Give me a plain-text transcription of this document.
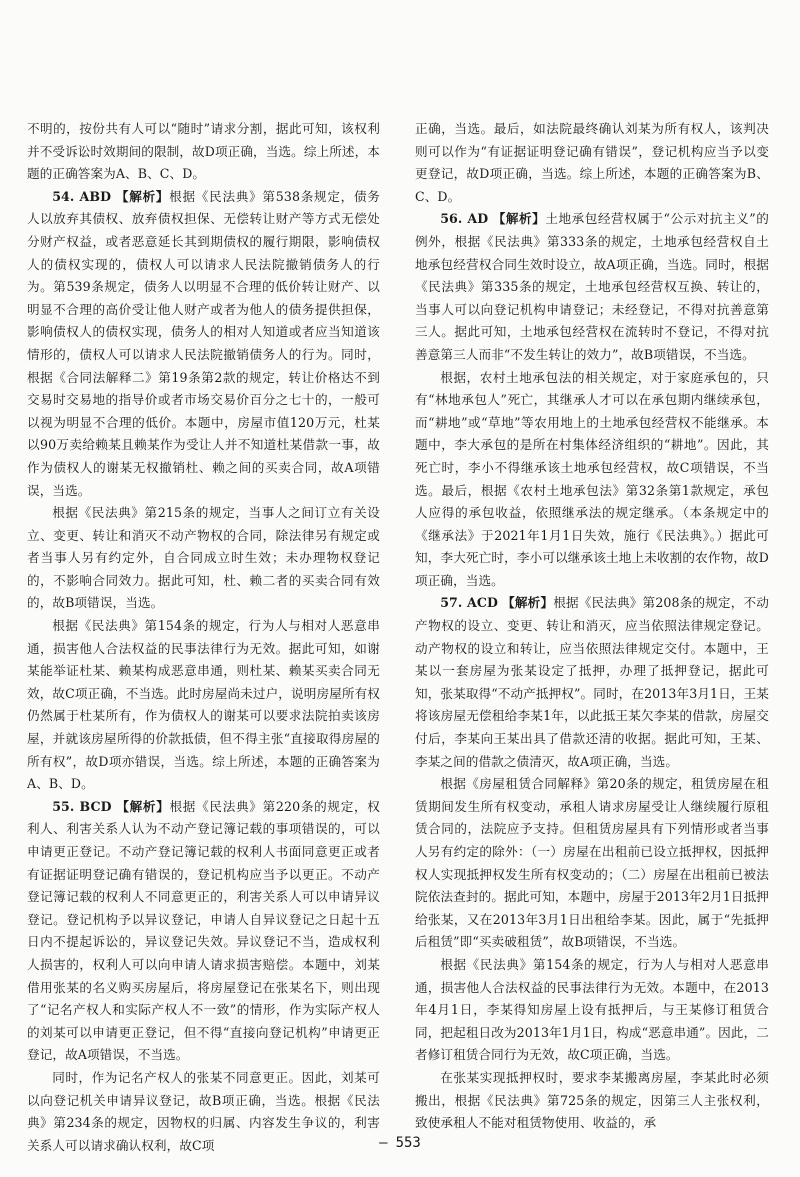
不明的，按份共有人可以“随时”请求分割，据此可知，该权利并不受诉讼时效期间的限制，故D项正确，当选。综上所述，本题的正确答案为A、B、C、D。

54. ABD 【解析】根据《民法典》第538条规定，债务人以放弃其债权、放弃债权担保、无偿转让财产等方式无偿处分财产权益，或者恶意延长其到期债权的履行期限，影响债权人的债权实现的，债权人可以请求人民法院撤销债务人的行为。第539条规定，债务人以明显不合理的低价转让财产、以明显不合理的高价受让他人财产或者为他人的债务提供担保，影响债权人的债权实现，债务人的相对人知道或者应当知道该情形的，债权人可以请求人民法院撤销债务人的行为。同时，根据《合同法解释二》第19条第2款的规定，转让价格达不到交易时交易地的指导价或者市场交易价百分之七十的，一般可以视为明显不合理的低价。本题中，房屋市值120万元，杜某以90万卖给赖某且赖某作为受让人并不知道杜某借款一事，故作为债权人的谢某无权撤销杜、赖之间的买卖合同，故A项错误，当选。

根据《民法典》第215条的规定，当事人之间订立有关设立、变更、转让和消灭不动产物权的合同，除法律另有规定或者当事人另有约定外，自合同成立时生效；未办理物权登记的，不影响合同效力。据此可知，杜、赖二者的买卖合同有效的，故B项错误，当选。

根据《民法典》第154条的规定，行为人与相对人恶意串通，损害他人合法权益的民事法律行为无效。据此可知，如谢某能举证杜某、赖某构成恶意串通，则杜某、赖某买卖合同无效，故C项正确，不当选。此时房屋尚未过户，说明房屋所有权仍然属于杜某所有，作为债权人的谢某可以要求法院拍卖该房屋，并就该房屋所得的价款抵债，但不得主张“直接取得房屋的所有权”，故D项亦错误，当选。综上所述，本题的正确答案为A、B、D。

55. BCD 【解析】根据《民法典》第220条的规定，权利人、利害关系人认为不动产登记簿记载的事项错误的，可以申请更正登记。不动产登记簿记载的权利人书面同意更正或者有证据证明登记确有错误的，登记机构应当予以更正。不动产登记簿记载的权利人不同意更正的，利害关系人可以申请异议登记。登记机构予以异议登记，申请人自异议登记之日起十五日内不提起诉讼的，异议登记失效。异议登记不当，造成权利人损害的，权利人可以向申请人请求损害赔偿。本题中，刘某借用张某的名义购买房屋后，将房屋登记在张某名下，则出现了“记名产权人和实际产权人不一致”的情形，作为实际产权人的刘某可以申请更正登记，但不得“直接向登记机构”申请更正登记，故A项错误，不当选。

同时，作为记名产权人的张某不同意更正。因此，刘某可以向登记机关申请异议登记，故B项正确，当选。根据《民法典》第234条的规定，因物权的归属、内容发生争议的，利害关系人可以请求确认权利，故C项

正确，当选。最后，如法院最终确认刘某为所有权人，该判决则可以作为“有证据证明登记确有错误”，登记机构应当予以变更登记，故D项正确，当选。综上所述，本题的正确答案为B、C、D。

56. AD 【解析】土地承包经营权属于“公示对抗主义”的例外，根据《民法典》第333条的规定，土地承包经营权自土地承包经营权合同生效时设立，故A项正确，当选。同时，根据《民法典》第335条的规定，土地承包经营权互换、转让的，当事人可以向登记机构申请登记；未经登记，不得对抗善意第三人。据此可知，土地承包经营权在流转时不登记，不得对抗善意第三人而非“不发生转让的效力”，故B项错误，不当选。

根据，农村土地承包法的相关规定，对于家庭承包的，只有“林地承包人”死亡，其继承人才可以在承包期内继续承包，而“耕地”或“草地”等农用地上的土地承包经营权不能继承。本题中，李大承包的是所在村集体经济组织的“耕地”。因此，其死亡时，李小不得继承该土地承包经营权，故C项错误，不当选。最后，根据《农村土地承包法》第32条第1款规定，承包人应得的承包收益，依照继承法的规定继承。（本条规定中的《继承法》于2021年1月1日失效，施行《民法典》。）据此可知，李大死亡时，李小可以继承该土地上未收割的农作物，故D项正确，当选。

57. ACD 【解析】根据《民法典》第208条的规定，不动产物权的设立、变更、转让和消灭，应当依照法律规定登记。动产物权的设立和转让，应当依照法律规定交付。本题中，王某以一套房屋为张某设定了抵押，办理了抵押登记，据此可知，张某取得“不动产抵押权”。同时，在2013年3月1日，王某将该房屋无偿租给李某1年，以此抵王某欠李某的借款，房屋交付后，李某向王某出具了借款还清的收据。据此可知，王某、李某之间的借款之债清灭，故A项正确，当选。

根据《房屋租赁合同解释》第20条的规定，租赁房屋在租赁期间发生所有权变动，承租人请求房屋受让人继续履行原租赁合同的，法院应予支持。但租赁房屋具有下列情形或者当事人另有约定的除外：（一）房屋在出租前已设立抵押权，因抵押权人实现抵押权发生所有权变动的；（二）房屋在出租前已被法院依法查封的。据此可知，本题中，房屋于2013年2月1日抵押给张某，又在2013年3月1日出租给李某。因此，属于“先抵押后租赁”即“买卖破租赁”，故B项错误，不当选。

根据《民法典》第154条的规定，行为人与相对人恶意串通，损害他人合法权益的民事法律行为无效。本题中，在2013年4月1日，李某得知房屋上设有抵押后，与王某修订租赁合同，把起租日改为2013年1月1日，构成“恶意串通”。因此，二者修订租赁合同行为无效，故C项正确，当选。

在张某实现抵押权时，要求李某搬离房屋，李某此时必须搬出，根据《民法典》第725条的规定，因第三人主张权利，致使承租人不能对租赁物使用、收益的，承

— 553
